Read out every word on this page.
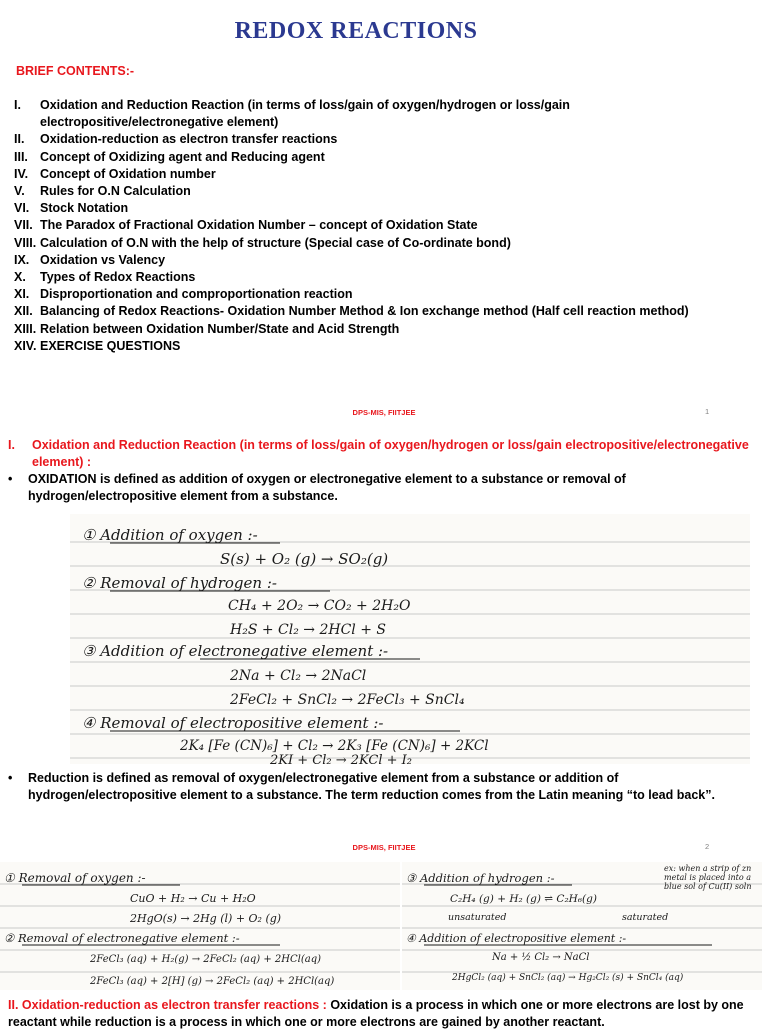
REDOX REACTIONS
BRIEF CONTENTS:-
I.	Oxidation and Reduction Reaction (in terms of loss/gain of oxygen/hydrogen or loss/gain electropositive/electronegative element)
II.	Oxidation-reduction as electron transfer reactions
III. Concept of Oxidizing agent and Reducing agent
IV. Concept of Oxidation number
V.	Rules for O.N Calculation
VI. Stock Notation
VII. The Paradox of Fractional Oxidation Number – concept of Oxidation State
VIII. Calculation of O.N with the help of structure (Special case of Co-ordinate bond)
IX. Oxidation vs Valency
X.	Types of Redox Reactions
XI. Disproportionation and comproportionation reaction
XII. Balancing of Redox Reactions- Oxidation Number Method & Ion exchange method (Half cell reaction method)
XIII. Relation between Oxidation Number/State and Acid Strength
XIV. EXERCISE QUESTIONS
DPS-MIS, FIITJEE	1
I.	Oxidation and Reduction Reaction (in terms of loss/gain of oxygen/hydrogen or loss/gain electropositive/electronegative element) :
•	OXIDATION is defined as addition of oxygen or electronegative element to a substance or removal of hydrogen/electropositive element from a substance.
① Addition of oxygen :-
S(s) + O₂ (g) → SO₂(g)
② Removal of hydrogen :-
CH₄ + 2O₂ → CO₂ + 2H₂O
H₂S + Cl₂ → 2HCl + S
③ Addition of electronegative element :-
2Na + Cl₂ → 2NaCl
2FeCl₂ + SnCl₂ → 2FeCl₃ + SnCl₄
④ Removal of electropositive element :-
2K₄ [Fe (CN)₆] + Cl₂ → 2K₃ [Fe (CN)₆] + 2KCl
2KI + Cl₂ → 2KCl + I₂
•	Reduction is defined as removal of oxygen/electronegative element from a substance or addition of hydrogen/electropositive element to a substance. The term reduction comes from the Latin meaning “to lead back”.
DPS-MIS, FIITJEE	2
① Removal of oxygen :-
CuO + H₂ → Cu + H₂O
2HgO(s) → 2Hg (l) + O₂ (g)
② Removal of electronegative element :-
2FeCl₃ (aq) + H₂(g) → 2FeCl₂ (aq) + 2HCl(aq)
2FeCl₃ (aq) + 2[H] (g) → 2FeCl₂ (aq) + 2HCl(aq)
③ Addition of hydrogen :-
C₂H₄ (g) + H₂ (g) ⇌ C₂H₆(g)
unsaturated	saturated
④ Addition of electropositive element :-
Na + ½ Cl₂ → NaCl
2HgCl₂ (aq) + SnCl₂ (aq) → Hg₂Cl₂ (s) + SnCl₄ (aq)
ex: when a strip of zn metal is placed into a blue sol of Cu(II) soln
II. Oxidation-reduction as electron transfer reactions : Oxidation is a process in which one or more electrons are lost by one reactant while reduction is a process in which one or more electrons are gained by another reactant.
